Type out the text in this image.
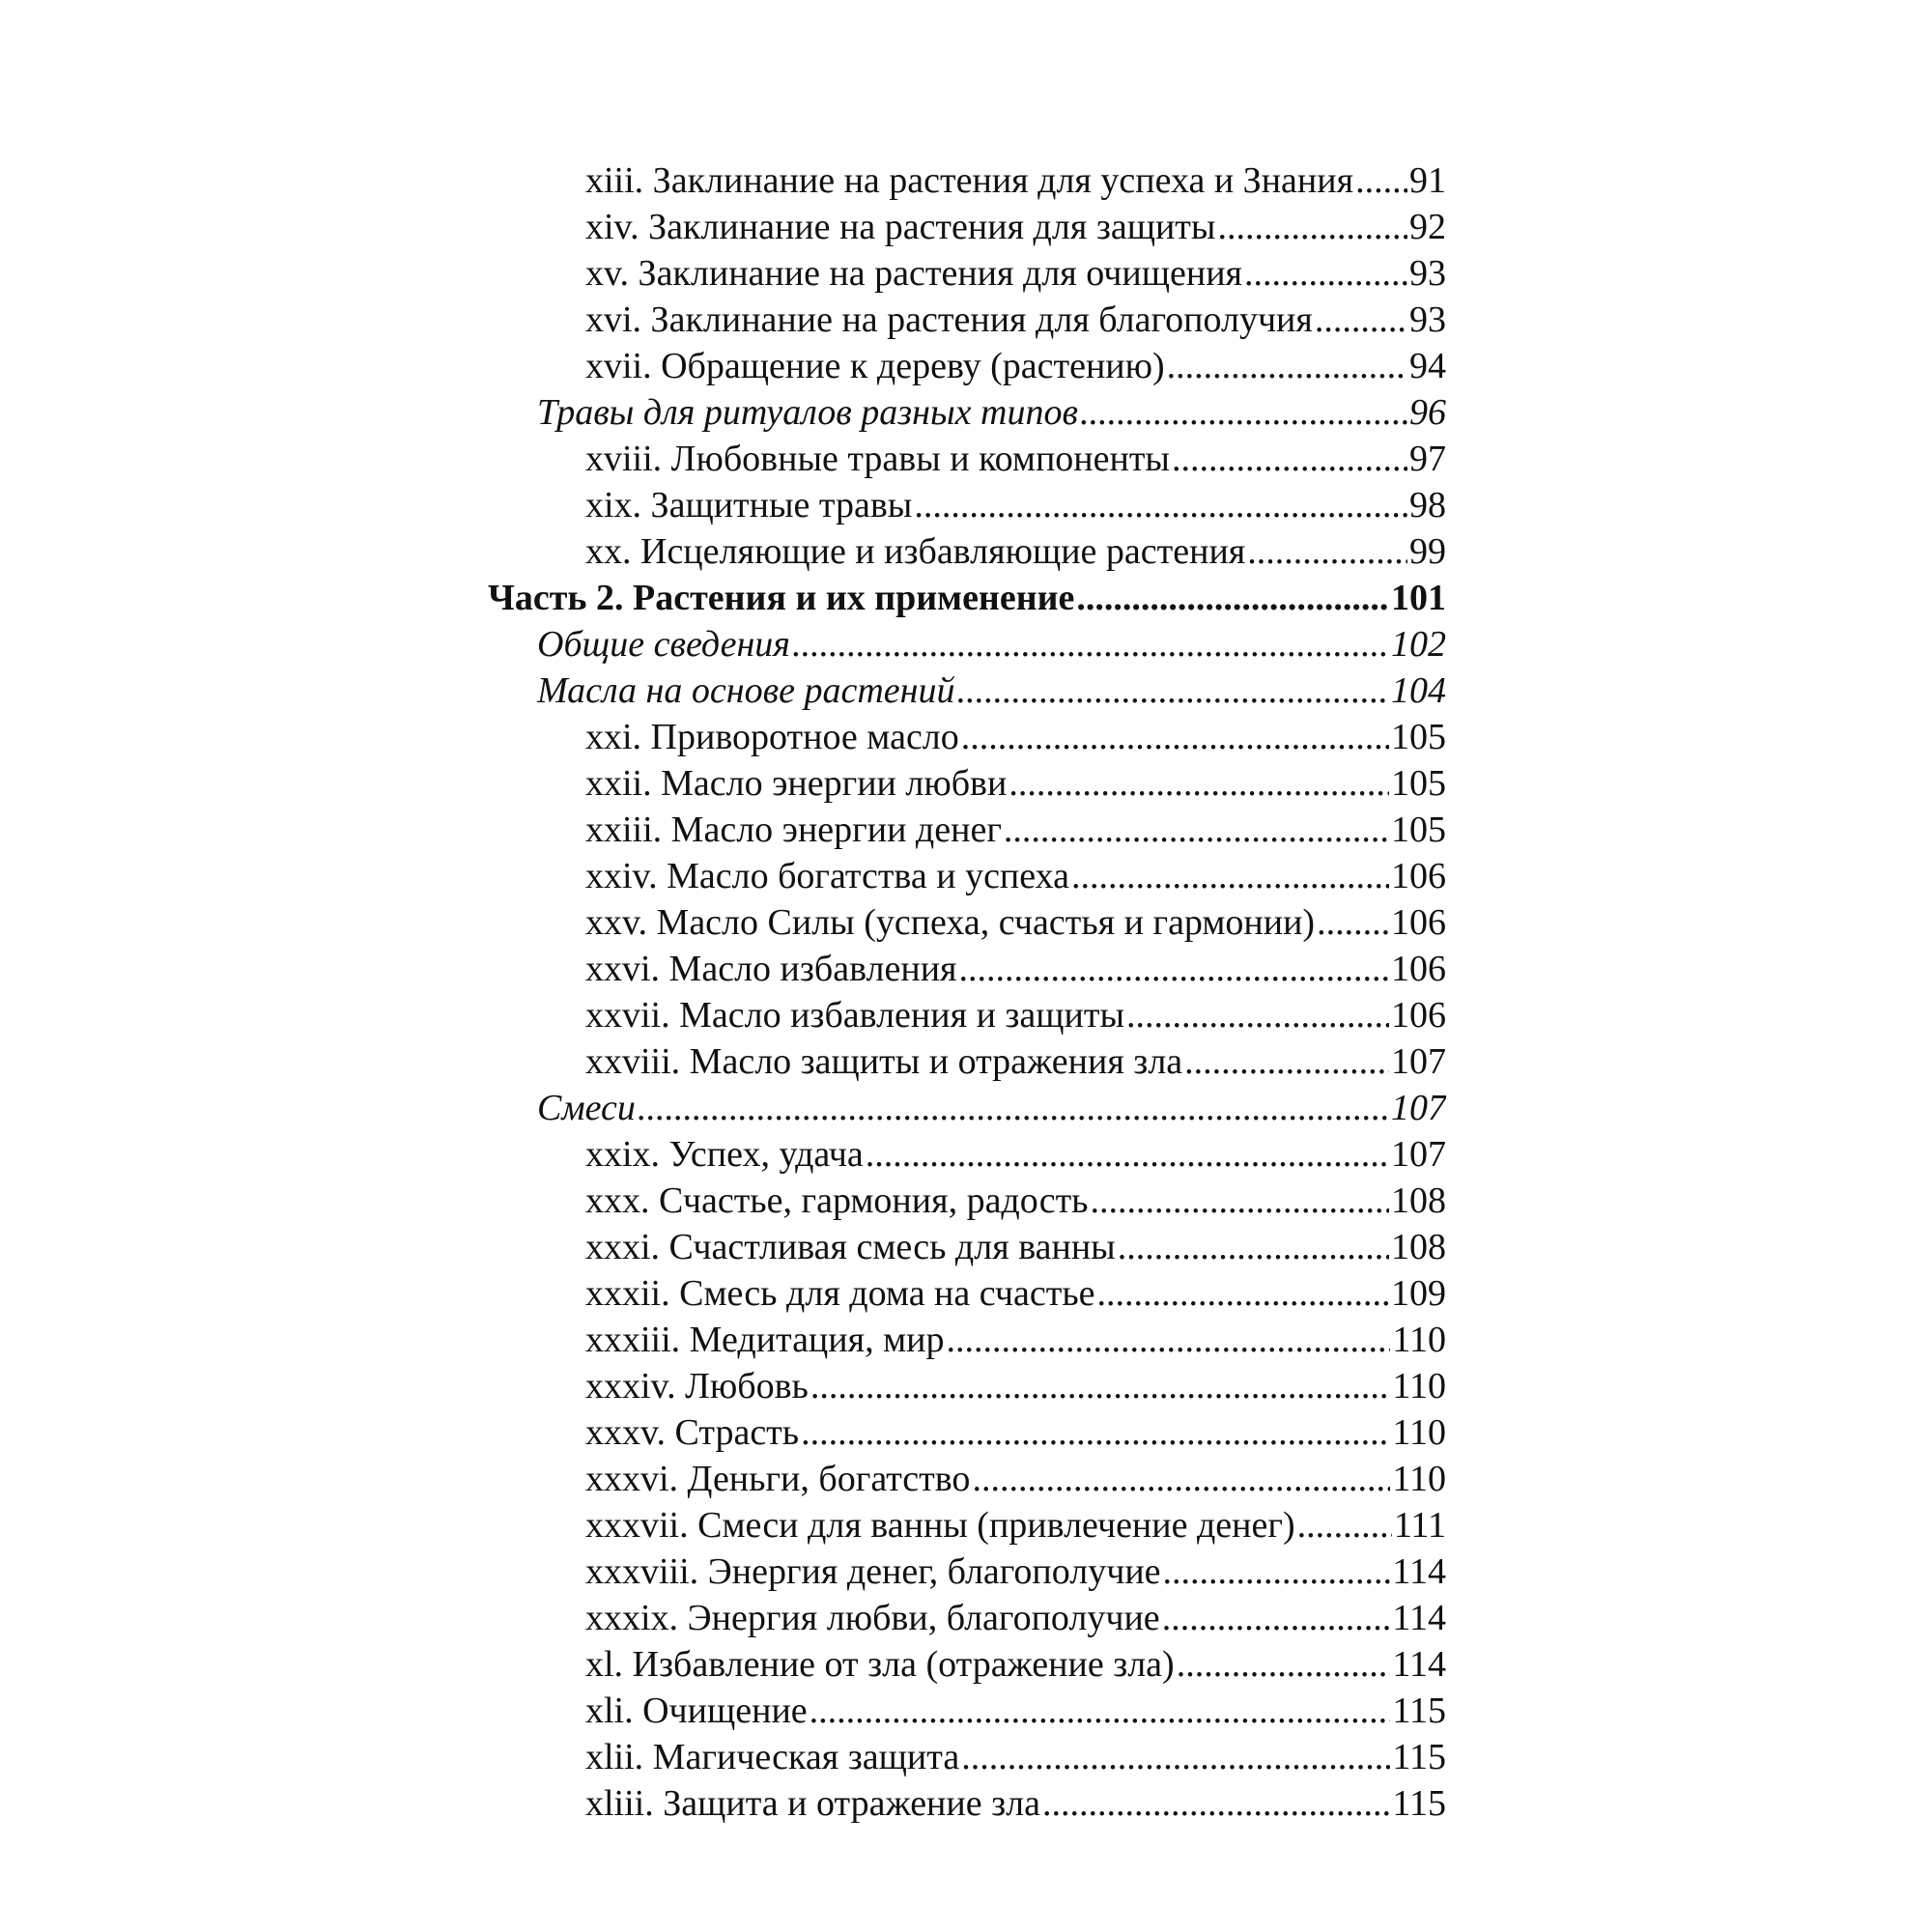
xiii. Заклинание на растения для успеха и Знания ..... 91
xiv. Заклинание на растения для защиты .....	92
xv. Заклинание на растения для очищения .....	93
xvi. Заклинание на растения для благополучия .....	93
xvii. Обращение к дереву (растению) .....	94
Травы для ритуалов разных типов .....	96
xviii. Любовные травы и компоненты .....	97
xix. Защитные травы .....	98
xx. Исцеляющие и избавляющие растения .....	99
Часть 2. Растения и их применение .....	101
Общие сведения .....	102
Масла на основе растений .....	104
xxi. Приворотное масло .....	105
xxii. Масло энергии любви .....	105
xxiii. Масло энергии денег .....	105
xxiv. Масло богатства и успеха .....	106
xxv. Масло Силы (успеха, счастья и гармонии) ..... 106
xxvi. Масло избавления .....	106
xxvii. Масло избавления и защиты .....	106
xxviii. Масло защиты и отражения зла .....	107
Смеси .....	107
xxix. Успех, удача .....	107
xxx. Счастье, гармония, радость .....	108
xxxi. Счастливая смесь для ванны .....	108
xxxii. Смесь для дома на счастье .....	109
xxxiii. Медитация, мир .....	110
xxxiv. Любовь .....	110
xxxv. Страсть .....	110
xxxvi. Деньги, богатство .....	110
xxxvii. Смеси для ванны (привлечение денег) .....	111
xxxviii. Энергия денег, благополучие .....	114
xxxix. Энергия любви, благополучие .....	114
xl. Избавление от зла (отражение зла) .....	114
xli. Очищение .....	115
xlii. Магическая защита .....	115
xliii. Защита и отражение зла .....	115
